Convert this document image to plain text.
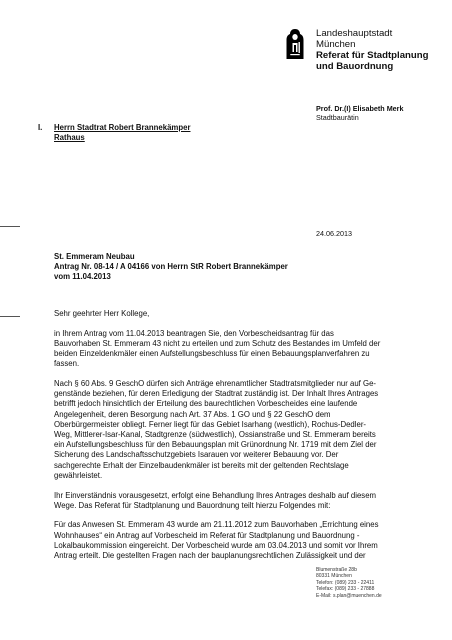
Landeshauptstadt
München
Referat für Stadtplanung
und Bauordnung
Prof. Dr.(I) Elisabeth Merk
Stadtbaurätin
I. Herrn Stadtrat Robert Brannekämper
Rathaus
24.06.2013
St. Emmeram Neubau
Antrag Nr. 08-14 / A 04166 von Herrn StR Robert Brannekämper
vom 11.04.2013

Sehr geehrter Herr Kollege,

in Ihrem Antrag vom 11.04.2013 beantragen Sie, den Vorbescheidsantrag für das
Bauvorhaben St. Emmeram 43 nicht zu erteilen und zum Schutz des Bestandes im Umfeld der
beiden Einzeldenkmäler einen Aufstellungsbeschluss für einen Bebauungsplanverfahren zu
fassen.

Nach § 60 Abs. 9 GeschO dürfen sich Anträge ehrenamtlicher Stadtratsmitglieder nur auf Ge-
genstände beziehen, für deren Erledigung der Stadtrat zuständig ist. Der Inhalt Ihres Antrages
betrifft jedoch hinsichtlich der Erteilung des baurechtlichen Vorbescheides eine laufende
Angelegenheit, deren Besorgung nach Art. 37 Abs. 1 GO und § 22 GeschO dem
Oberbürgermeister obliegt. Ferner liegt für das Gebiet Isarhang (westlich), Rochus-Dedler-
Weg, Mittlerer-Isar-Kanal, Stadtgrenze (südwestlich), Ossianstraße und St. Emmeram bereits
ein Aufstellungsbeschluss für den Bebauungsplan mit Grünordnung Nr. 1719 mit dem Ziel der
Sicherung des Landschaftsschutzgebiets Isarauen vor weiterer Bebauung vor. Der
sachgerechte Erhalt der Einzelbaudenkmäler ist bereits mit der geltenden Rechtslage
gewährleistet.

Ihr Einverständnis vorausgesetzt, erfolgt eine Behandlung Ihres Antrages deshalb auf diesem
Wege. Das Referat für Stadtplanung und Bauordnung teilt hierzu Folgendes mit:

Für das Anwesen St. Emmeram 43 wurde am 21.11.2012 zum Bauvorhaben „Errichtung eines
Wohnhauses“ ein Antrag auf Vorbescheid im Referat für Stadtplanung und Bauordnung -
Lokalbaukommission eingereicht. Der Vorbescheid wurde am 03.04.2013 und somit vor Ihrem
Antrag erteilt. Die gestellten Fragen nach der bauplanungsrechtlichen Zulässigkeit und der

Blumenstraße 28b
80331 München
Telefon: (089) 233 - 22411
Telefax: (089) 233 - 27888
E-Mail: s.plan@muenchen.de
